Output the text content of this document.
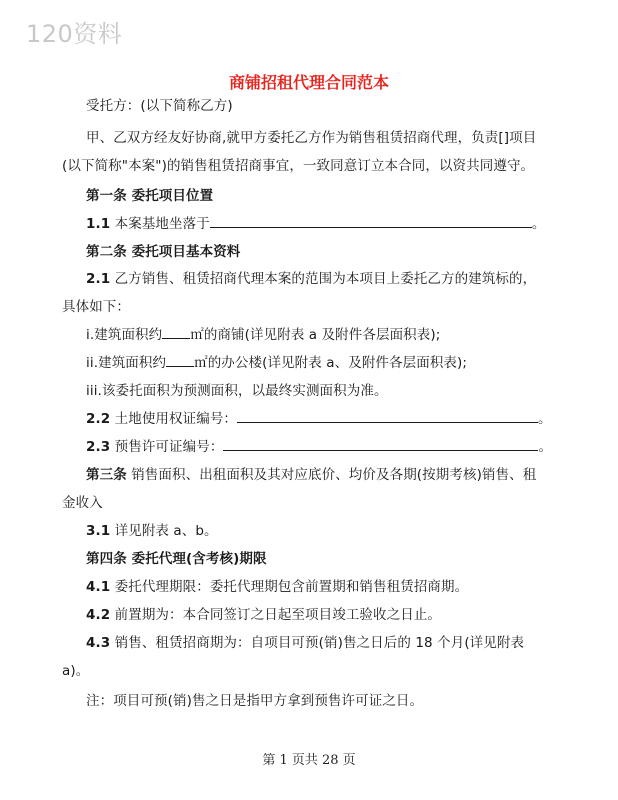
120资料
商铺招租代理合同范本
受托方：(以下简称乙方)
甲、乙双方经友好协商,就甲方委托乙方作为销售租赁招商代理，负责[]项目
(以下简称"本案")的销售租赁招商事宜，一致同意订立本合同，以资共同遵守。
第一条 委托项目位置
1.1 本案基地坐落于	。
第二条 委托项目基本资料
2.1 乙方销售、租赁招商代理本案的范围为本项目上委托乙方的建筑标的，
具体如下：
i.建筑面积约 ㎡的商铺(详见附表 a 及附件各层面积表);
ii.建筑面积约 ㎡的办公楼(详见附表 a、及附件各层面积表);
iii.该委托面积为预测面积，以最终实测面积为准。
2.2 土地使用权证编号：	。
2.3 预售许可证编号：	。
第三条 销售面积、出租面积及其对应底价、均价及各期(按期考核)销售、租
金收入
3.1 详见附表 a、b。
第四条 委托代理(含考核)期限
4.1 委托代理期限：委托代理期包含前置期和销售租赁招商期。
4.2 前置期为：本合同签订之日起至项目竣工验收之日止。
4.3 销售、租赁招商期为：自项目可预(销)售之日后的 18 个月(详见附表
a)。
注：项目可预(销)售之日是指甲方拿到预售许可证之日。
第 1 页共 28 页
